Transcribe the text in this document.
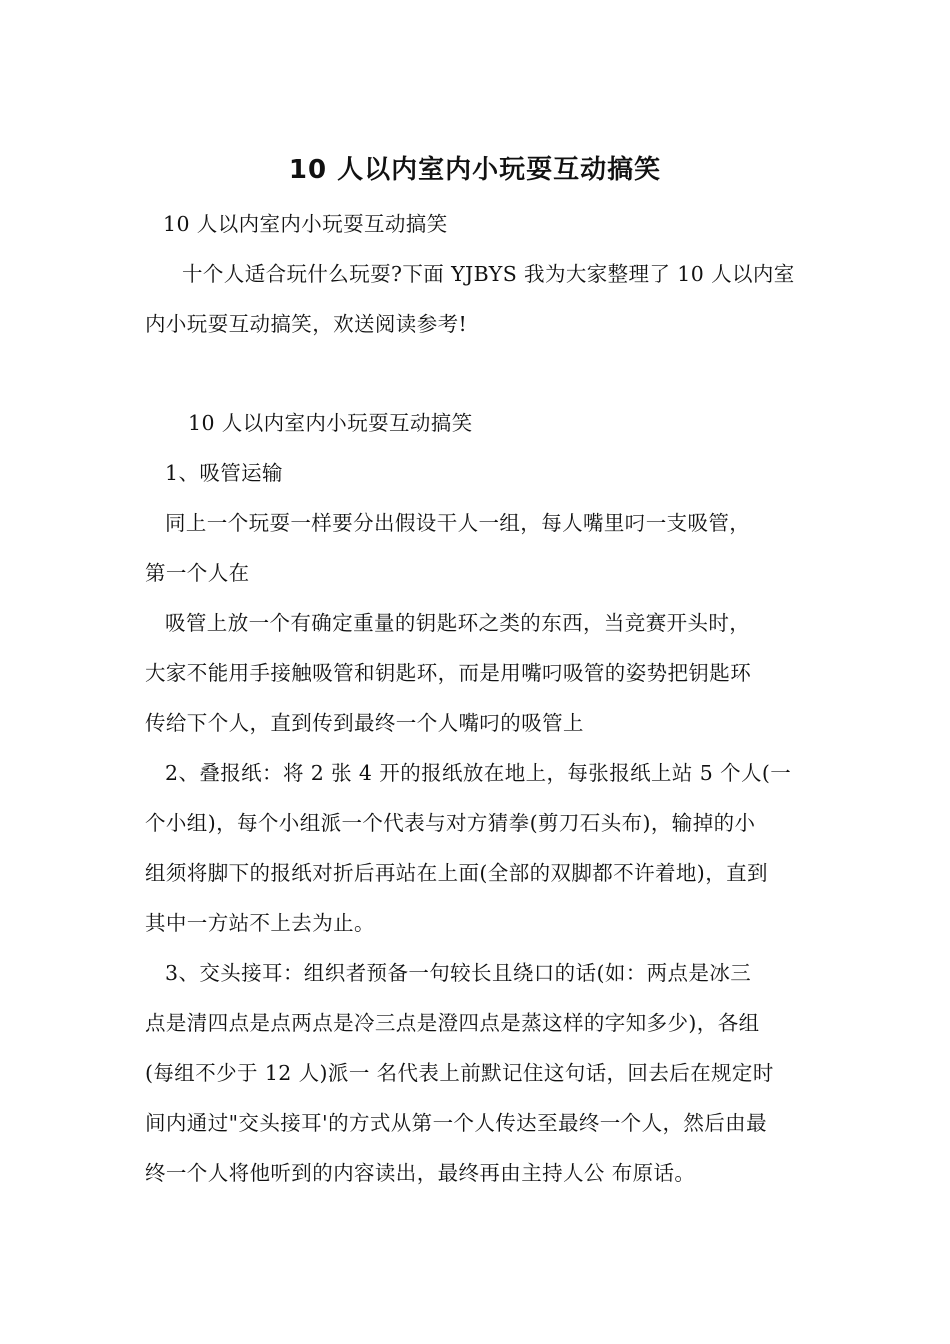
10 人以内室内小玩耍互动搞笑
10 人以内室内小玩耍互动搞笑
十个人适合玩什么玩耍?下面 YJBYS 我为大家整理了 10 人以内室
内小玩耍互动搞笑，欢送阅读参考!
10 人以内室内小玩耍互动搞笑
1、吸管运输
同上一个玩耍一样要分出假设干人一组，每人嘴里叼一支吸管，
第一个人在
吸管上放一个有确定重量的钥匙环之类的东西，当竞赛开头时，
大家不能用手接触吸管和钥匙环，而是用嘴叼吸管的姿势把钥匙环
传给下个人，直到传到最终一个人嘴叼的吸管上
2、叠报纸：将 2 张 4 开的报纸放在地上，每张报纸上站 5 个人(一
个小组)，每个小组派一个代表与对方猜拳(剪刀石头布)，输掉的小
组须将脚下的报纸对折后再站在上面(全部的双脚都不许着地)，直到
其中一方站不上去为止。
3、交头接耳：组织者预备一句较长且绕口的话(如：两点是冰三
点是清四点是点两点是冷三点是澄四点是蒸这样的字知多少)，各组
(每组不少于 12 人)派一 名代表上前默记住这句话，回去后在规定时
间内通过"交头接耳'的方式从第一个人传达至最终一个人，然后由最
终一个人将他听到的内容读出，最终再由主持人公 布原话。
